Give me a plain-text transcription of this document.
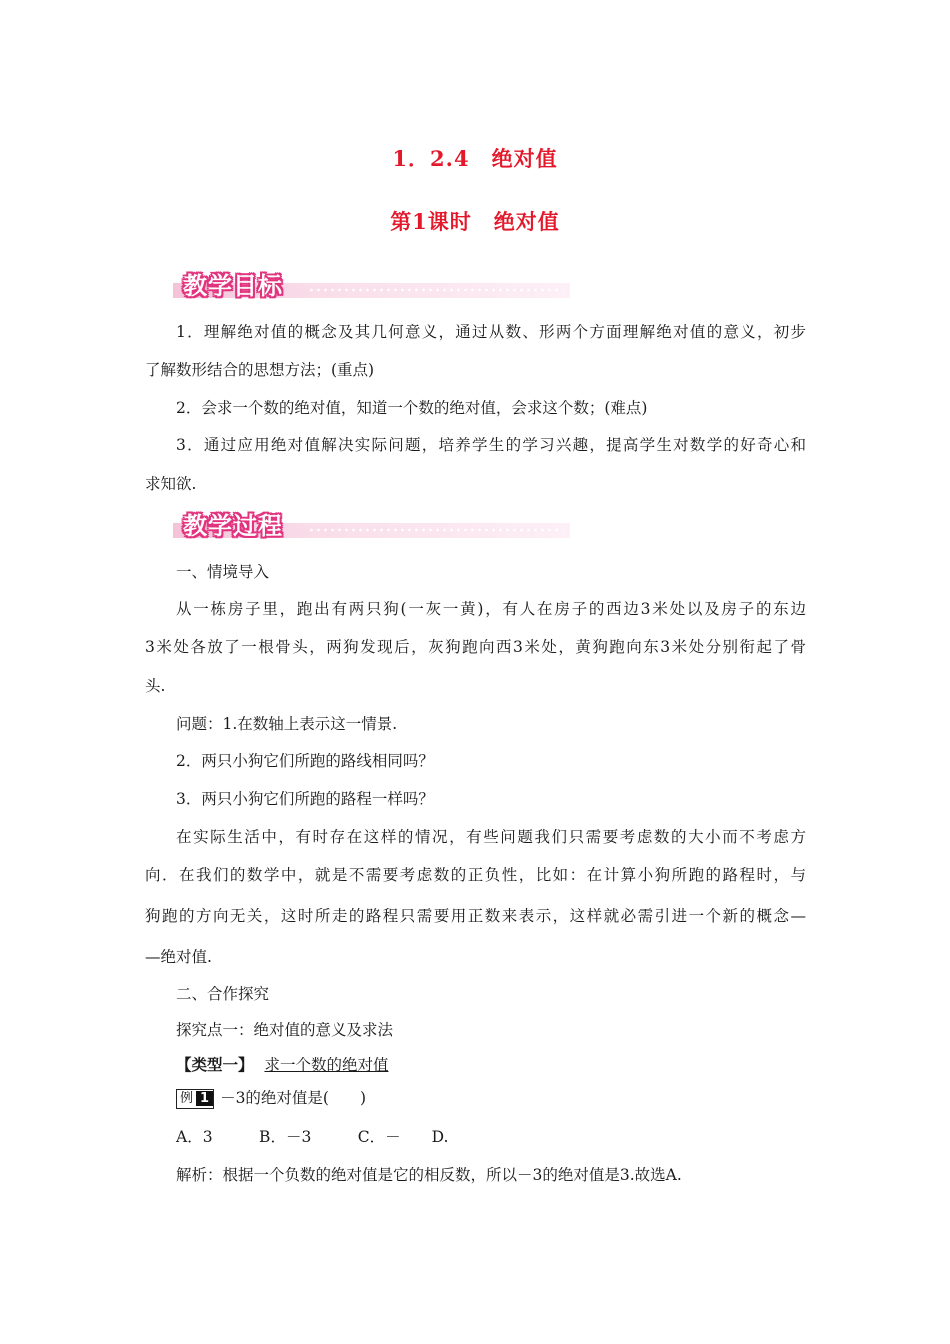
1．2.4　绝对值
第1课时　绝对值
教学目标
1．理解绝对值的概念及其几何意义，通过从数、形两个方面理解绝对值的意义，初步
了解数形结合的思想方法；(重点)
2．会求一个数的绝对值，知道一个数的绝对值，会求这个数；(难点)
3．通过应用绝对值解决实际问题，培养学生的学习兴趣，提高学生对数学的好奇心和
求知欲.
教学过程
一、情境导入
从一栋房子里，跑出有两只狗(一灰一黄)，有人在房子的西边3米处以及房子的东边
3米处各放了一根骨头，两狗发现后，灰狗跑向西3米处，黄狗跑向东3米处分别衔起了骨
头.
问题：1.在数轴上表示这一情景.
2．两只小狗它们所跑的路线相同吗？
3．两只小狗它们所跑的路程一样吗？
在实际生活中，有时存在这样的情况，有些问题我们只需要考虑数的大小而不考虑方
向．在我们的数学中，就是不需要考虑数的正负性，比如：在计算小狗所跑的路程时，与
狗跑的方向无关，这时所走的路程只需要用正数来表示，这样就必需引进一个新的概念—
—绝对值.
二、合作探究
探究点一：绝对值的意义及求法
【类型一】 求一个数的绝对值
例 1 －3的绝对值是(　　)
A．3　　　B．－3　　　C．－　　D.
解析：根据一个负数的绝对值是它的相反数，所以－3的绝对值是3.故选A.
